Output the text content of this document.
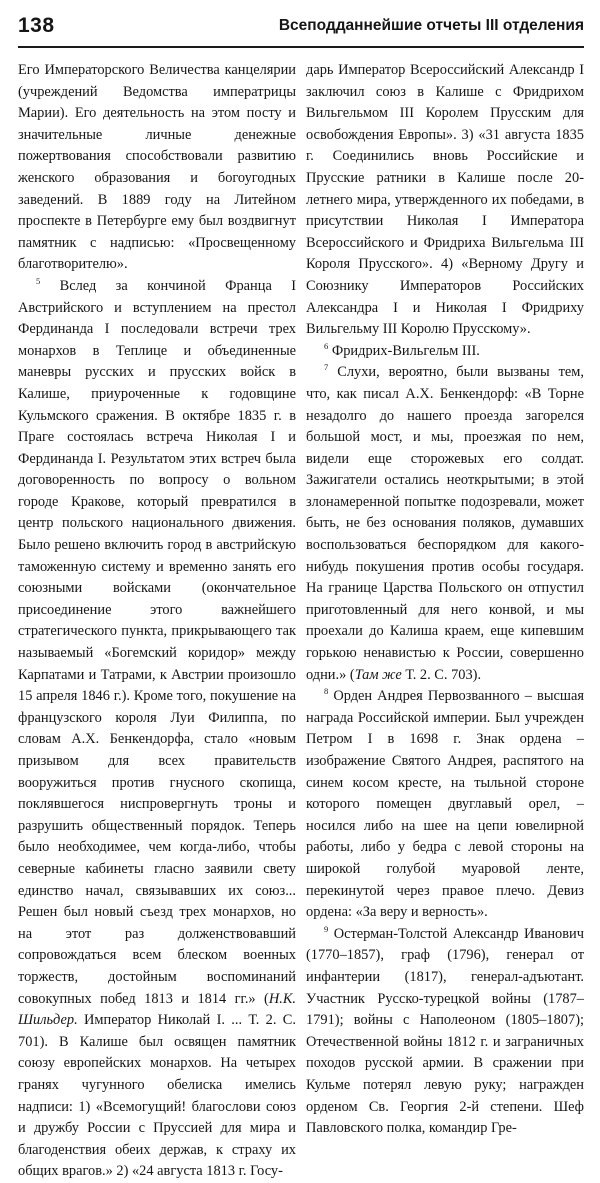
138	Всеподданнейшие отчеты III отделения

Его Императорского Величества канцелярии (учреждений Ведомства императрицы Марии). Его деятельность на этом посту и значительные личные денежные пожертвования способствовали развитию женского образования и богоугодных заведений. В 1889 году на Литейном проспекте в Петербурге ему был воздвигнут памятник с надписью: «Просвещенному благотворителю».

$^5$ Вслед за кончиной Франца I Австрийского и вступлением на престол Фердинанда I последовали встречи трех монархов в Теплице и объединенные маневры русских и прусских войск в Калише, приуроченные к годовщине Кульмского сражения. В октябре 1835 г. в Праге состоялась встреча Николая I и Фердинанда I. Результатом этих встреч была договоренность по вопросу о вольном городе Кракове, который превратился в центр польского национального движения. Было решено включить город в австрийскую таможенную систему и временно занять его союзными войсками (окончательное присоединение этого важнейшего стратегического пункта, прикрывающего так называемый «Богемский коридор» между Карпатами и Татрами, к Австрии произошло 15 апреля 1846 г.). Кроме того, покушение на французского короля Луи Филиппа, по словам А.Х. Бенкендорфа, стало «новым призывом для всех правительств вооружиться против гнусного скопища, поклявшегося ниспровергнуть троны и разрушить общественный порядок. Теперь было необходимее, чем когда-либо, чтобы северные кабинеты гласно заявили свету единство начал, связывавших их союз... Решен был новый съезд трех монархов, но на этот раз долженствовавший сопровождаться всем блеском военных торжеств, достойным воспоминаний совокупных побед 1813 и 1814 гг.» (Н.К. Шильдер. Император Николай I. ... Т. 2. С. 701). В Калише был освящен памятник союзу европейских монархов. На четырех гранях чугунного обелиска имелись надписи: 1) «Всемогущий! благослови союз и дружбу России с Пруссией для мира и благоденствия обеих держав, к страху их общих врагов.» 2) «24 августа 1813 г. Госу-

дарь Император Всероссийский Александр I заключил союз в Калише с Фридрихом Вильгельмом III Королем Прусским для освобождения Европы». 3) «31 августа 1835 г. Соединились вновь Российские и Прусские ратники в Калише после 20-летнего мира, утвержденного их победами, в присутствии Николая I Императора Всероссийского и Фридриха Вильгельма III Короля Прусского». 4) «Верному Другу и Союзнику Императоров Российских Александра I и Николая I Фридриху Вильгельму III Королю Прусскому».

$^6$ Фридрих-Вильгельм III.

$^7$ Слухи, вероятно, были вызваны тем, что, как писал А.Х. Бенкендорф: «В Торне незадолго до нашего проезда загорелся большой мост, и мы, проезжая по нем, видели еще сторожевых его солдат. Зажигатели остались неоткрытыми; в этой злонамеренной попытке подозревали, может быть, не без основания поляков, думавших воспользоваться беспорядком для какого-нибудь покушения против особы государя. На границе Царства Польского он отпустил приготовленный для него конвой, и мы проехали до Калиша краем, еще кипевшим горькою ненавистью к России, совершенно одни.» (Там же Т. 2. С. 703).

$^8$ Орден Андрея Первозванного – высшая награда Российской империи. Был учрежден Петром I в 1698 г. Знак ордена – изображение Святого Андрея, распятого на синем косом кресте, на тыльной стороне которого помещен двуглавый орел, – носился либо на шее на цепи ювелирной работы, либо у бедра с левой стороны на широкой голубой муаровой ленте, перекинутой через правое плечо. Девиз ордена: «За веру и верность».

$^9$ Остерман-Толстой Александр Иванович (1770–1857), граф (1796), генерал от инфантерии (1817), генерал-адъютант. Участник Русско-турецкой войны (1787–1791); войны с Наполеоном (1805–1807); Отечественной войны 1812 г. и заграничных походов русской армии. В сражении при Кульме потерял левую руку; награжден орденом Св. Георгия 2-й степени. Шеф Павловского полка, командир Гре-
